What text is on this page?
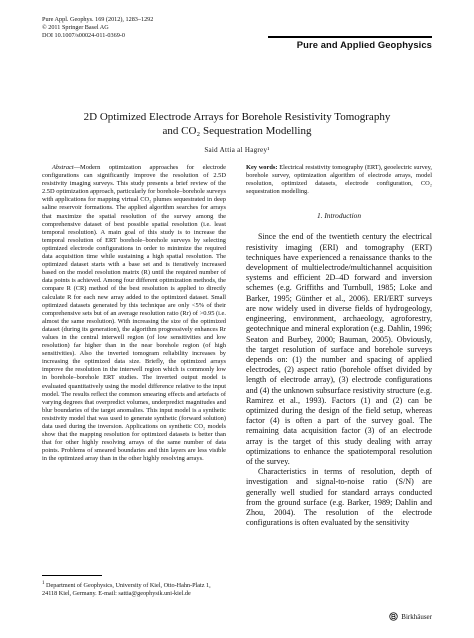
Pure Appl. Geophys. 169 (2012), 1283–1292
© 2011 Springer Basel AG
DOI 10.1007/s00024-011-0369-0
Pure and Applied Geophysics
2D Optimized Electrode Arrays for Borehole Resistivity Tomography
and CO₂ Sequestration Modelling
Said Attia al Hagrey¹

Abstract—Modern optimization approaches for electrode configurations can significantly improve the resolution of 2.5D resistivity imaging surveys. This study presents a brief review of the 2.5D optimization approach, particularly for borehole–borehole surveys with applications for mapping virtual CO₂ plumes sequestrated in deep saline reservoir formations. The applied algorithm searches for arrays that maximize the spatial resolution of the survey among the comprehensive dataset of best possible spatial resolution (i.e. least temporal resolution). A main goal of this study is to increase the temporal resolution of ERT borehole–borehole surveys by selecting optimized electrode configurations in order to minimize the required data acquisition time while sustaining a high spatial resolution. The optimized dataset starts with a base set and is iteratively increased based on the model resolution matrix (R) until the required number of data points is achieved. Among four different optimization methods, the compare R (CR) method of the best resolution is applied to directly calculate R for each new array added to the optimized dataset. Small optimized datasets generated by this technique are only <5% of their comprehensive sets but of an average resolution ratio (Rr) of >0.95 (i.e. almost the same resolution). With increasing the size of the optimized dataset (during its generation), the algorithm progressively enhances Rr values in the central interwell region (of low sensitivities and low resolution) far higher than in the near borehole region (of high sensitivities). Also the inverted tomogram reliability increases by increasing the optimized data size. Briefly, the optimized arrays improve the resolution in the interwell region which is commonly low in borehole–borehole ERT studies. The inverted output model is evaluated quantitatively using the model difference relative to the input model. The results reflect the common smearing effects and artefacts of varying degrees that overpredict volumes, underpredict magnitudes and blur boundaries of the target anomalies. This input model is a synthetic resistivity model that was used to generate synthetic (forward solution) data used during the inversion. Applications on synthetic CO₂ models show that the mapping resolution for optimized datasets is better than that for other highly resolving arrays of the same number of data points. Problems of smeared boundaries and thin layers are less visible in the optimized array than in the other highly resolving arrays.

Key words: Electrical resistivity tomography (ERT), geoelectric survey, borehole survey, optimization algorithm of electrode arrays, model resolution, optimized datasets, electrode configuration, CO₂ sequestration modelling.

1. Introduction

Since the end of the twentieth century the electrical resistivity imaging (ERI) and tomography (ERT) techniques have experienced a renaissance thanks to the development of multielectrode/multichannel acquisition systems and efficient 2D–4D forward and inversion schemes (e.g. Griffiths and Turnbull, 1985; Loke and Barker, 1995; Günther et al., 2006). ERI/ERT surveys are now widely used in diverse fields of hydrogeology, engineering, environment, archaeology, agroforestry, geotechnique and mineral exploration (e.g. Dahlin, 1996; Seaton and Burbey, 2000; Bauman, 2005). Obviously, the target resolution of surface and borehole surveys depends on: (1) the number and spacing of applied electrodes, (2) aspect ratio (borehole offset divided by length of electrode array), (3) electrode configurations and (4) the unknown subsurface resistivity structure (e.g. Ramirez et al., 1993). Factors (1) and (2) can be optimized during the design of the field setup, whereas factor (4) is often a part of the survey goal. The remaining data acquisition factor (3) of an electrode array is the target of this study dealing with array optimizations to enhance the spatiotemporal resolution of the survey.

Characteristics in terms of resolution, depth of investigation and signal-to-noise ratio (S/N) are generally well studied for standard arrays conducted from the ground surface (e.g. Barker, 1989; Dahlin and Zhou, 2004). The resolution of the electrode configurations is often evaluated by the sensitivity

$^1$ Department of Geophysics, University of Kiel, Otto-Hahn-Platz 1, 24118 Kiel, Germany. E-mail: sattia@geophysik.uni-kiel.de
Birkhäuser
